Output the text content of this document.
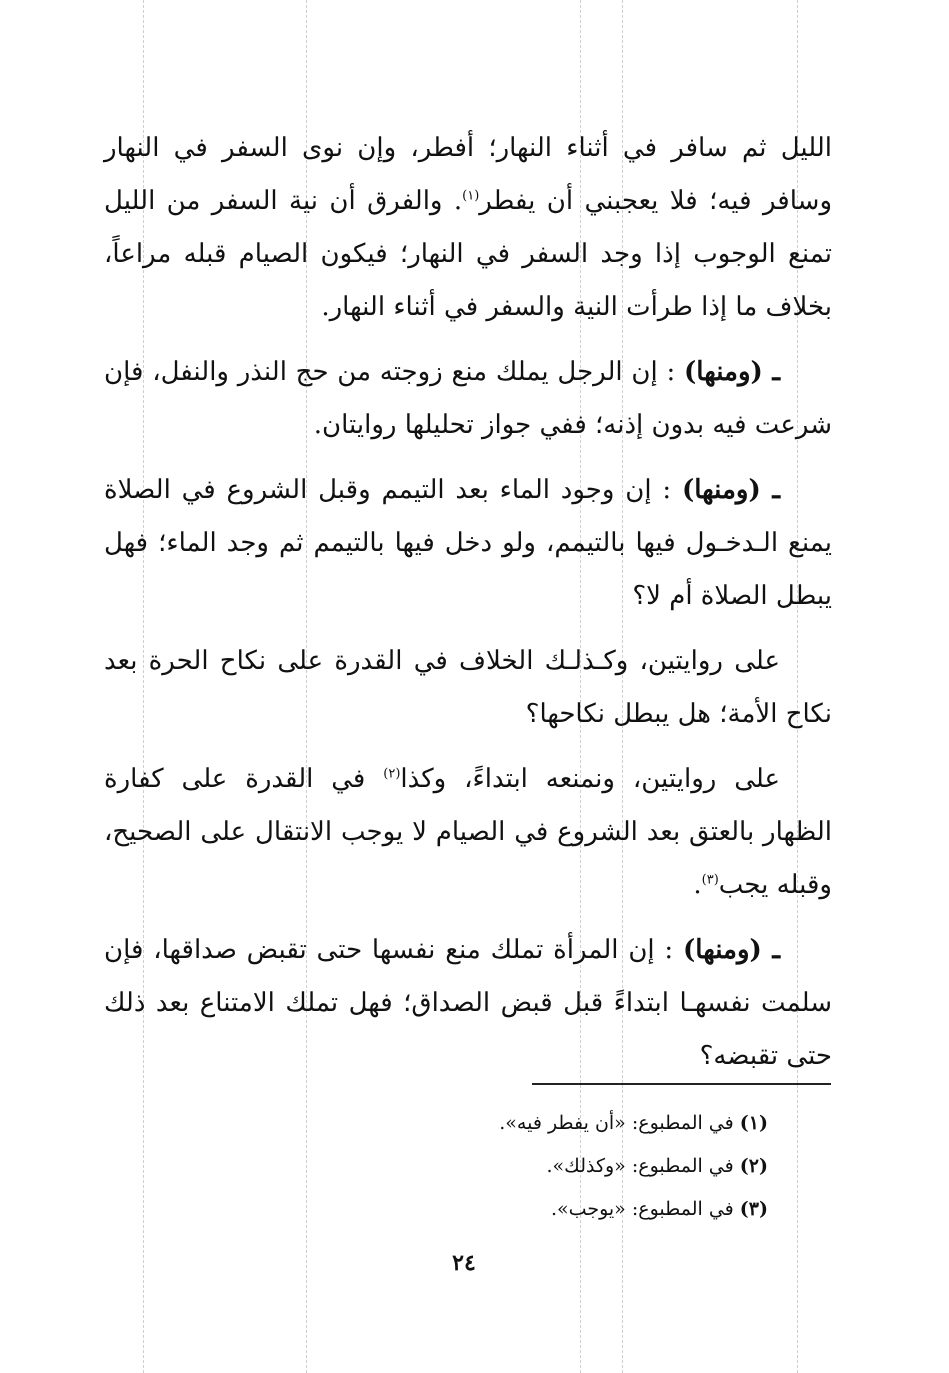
الليل ثم سافر في أثناء النهار؛ أفطر، وإن نوى السفر في النهار وسافر فيه؛ فلا يعجبني أن يفطر$^{(١)}$. والفرق أن نية السفر من الليل تمنع الوجوب إذا وجد السفر في النهار؛ فيكون الصيام قبله مراعاً، بخلاف ما إذا طرأت النية والسفر في أثناء النهار.

ـ (ومنها) : إن الرجل يملك منع زوجته من حج النذر والنفل، فإن شرعت فيه بدون إذنه؛ ففي جواز تحليلها روايتان.

ـ (ومنها) : إن وجود الماء بعد التيمم وقبل الشروع في الصلاة يمنع الـدخـول فيها بالتيمم، ولو دخل فيها بالتيمم ثم وجد الماء؛ فهل يبطل الصلاة أم لا؟

على روايتين، وكـذلـك الخلاف في القدرة على نكاح الحرة بعد نكاح الأمة؛ هل يبطل نكاحها؟

على روايتين، ونمنعه ابتداءً، وكذا$^{(٢)}$ في القدرة على كفارة الظهار بالعتق بعد الشروع في الصيام لا يوجب الانتقال على الصحيح، وقبله يجب$^{(٣)}$.

ـ (ومنها) : إن المرأة تملك منع نفسها حتى تقبض صداقها، فإن سلمت نفسهـا ابتداءً قبل قبض الصداق؛ فهل تملك الامتناع بعد ذلك حتى تقبضه؟

(١) في المطبوع: «أن يفطر فيه».
(٢) في المطبوع: «وكذلك».
(٣) في المطبوع: «يوجب».
٢٤
